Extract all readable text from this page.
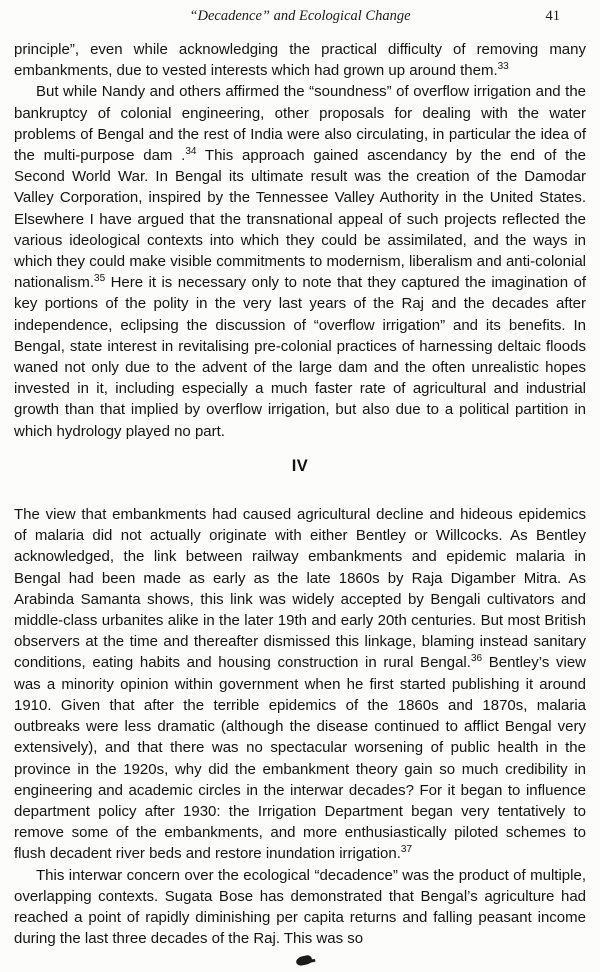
“Decadence” and Ecological Change	41

principle”, even while acknowledging the practical difficulty of removing many embankments, due to vested interests which had grown up around them.$^{33}$

But while Nandy and others affirmed the “soundness” of overflow irrigation and the bankruptcy of colonial engineering, other proposals for dealing with the water problems of Bengal and the rest of India were also circulating, in particular the idea of the multi-purpose dam .$^{34}$ This approach gained ascendancy by the end of the Second World War. In Bengal its ultimate result was the creation of the Damodar Valley Corporation, inspired by the Tennessee Valley Authority in the United States. Elsewhere I have argued that the transnational appeal of such projects reflected the various ideological contexts into which they could be assimilated, and the ways in which they could make visible commitments to modernism, liberalism and anti-colonial nationalism.$^{35}$ Here it is necessary only to note that they captured the imagination of key portions of the polity in the very last years of the Raj and the decades after independence, eclipsing the discussion of “overflow irrigation” and its benefits. In Bengal, state interest in revitalising pre-colonial practices of harnessing deltaic floods waned not only due to the advent of the large dam and the often unrealistic hopes invested in it, including especially a much faster rate of agricultural and industrial growth than that implied by overflow irrigation, but also due to a political partition in which hydrology played no part.

IV

The view that embankments had caused agricultural decline and hideous epidemics of malaria did not actually originate with either Bentley or Willcocks. As Bentley acknowledged, the link between railway embankments and epidemic malaria in Bengal had been made as early as the late 1860s by Raja Digamber Mitra. As Arabinda Samanta shows, this link was widely accepted by Bengali cultivators and middle-class urbanites alike in the later 19th and early 20th centuries. But most British observers at the time and thereafter dismissed this linkage, blaming instead sanitary conditions, eating habits and housing construction in rural Bengal.$^{36}$ Bentley’s view was a minority opinion within government when he first started publishing it around 1910. Given that after the terrible epidemics of the 1860s and 1870s, malaria outbreaks were less dramatic (although the disease continued to afflict Bengal very extensively), and that there was no spectacular worsening of public health in the province in the 1920s, why did the embankment theory gain so much credibility in engineering and academic circles in the interwar decades? For it began to influence department policy after 1930: the Irrigation Department began very tentatively to remove some of the embankments, and more enthusiastically piloted schemes to flush decadent river beds and restore inundation irrigation.$^{37}$

This interwar concern over the ecological “decadence” was the product of multiple, overlapping contexts. Sugata Bose has demonstrated that Bengal’s agriculture had reached a point of rapidly diminishing per capita returns and falling peasant income during the last three decades of the Raj. This was so
